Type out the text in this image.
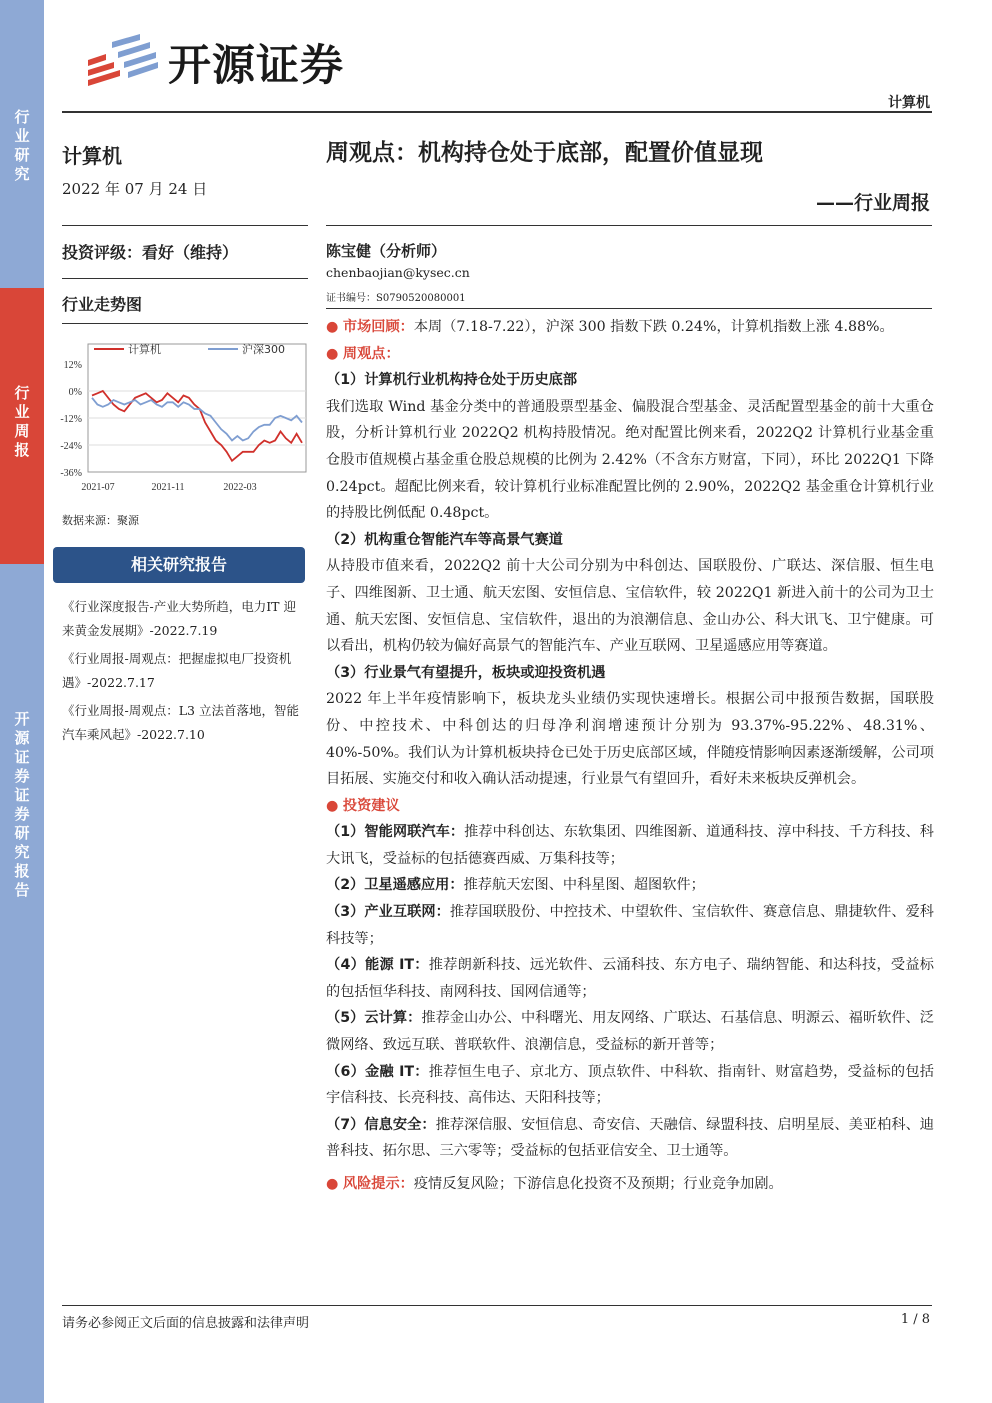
行业研究
行业周报
开源证券 证券研究报告
开源证券
计算机
计算机
2022 年 07 月 24 日
投资评级：看好（维持）
行业走势图
12%
0%
-12%
-24%
-36%
2021-07	2021-11	2022-03
计算机	沪深300
数据来源：聚源
相关研究报告
《行业深度报告-产业大势所趋，电力IT 迎来黄金发展期》-2022.7.19
《行业周报-周观点：把握虚拟电厂投资机遇》-2022.7.17
《行业周报-周观点：L3 立法首落地，智能汽车乘风起》-2022.7.10
周观点：机构持仓处于底部，配置价值显现
——行业周报
陈宝健（分析师）
chenbaojian@kysec.cn
证书编号：S0790520080001

● 市场回顾：本周（7.18-7.22），沪深 300 指数下跌 0.24%，计算机指数上涨 4.88%。

● 周观点：

（1）计算机行业机构持仓处于历史底部

我们选取 Wind 基金分类中的普通股票型基金、偏股混合型基金、灵活配置型基金的前十大重仓股，分析计算机行业 2022Q2 机构持股情况。绝对配置比例来看，2022Q2 计算机行业基金重仓股市值规模占基金重仓股总规模的比例为 2.42%（不含东方财富，下同），环比 2022Q1 下降 0.24pct。超配比例来看，较计算机行业标准配置比例的 2.90%，2022Q2 基金重仓计算机行业的持股比例低配 0.48pct。

（2）机构重仓智能汽车等高景气赛道

从持股市值来看，2022Q2 前十大公司分别为中科创达、国联股份、广联达、深信服、恒生电子、四维图新、卫士通、航天宏图、安恒信息、宝信软件，较 2022Q1 新进入前十的公司为卫士通、航天宏图、安恒信息、宝信软件，退出的为浪潮信息、金山办公、科大讯飞、卫宁健康。可以看出，机构仍较为偏好高景气的智能汽车、产业互联网、卫星遥感应用等赛道。

（3）行业景气有望提升，板块或迎投资机遇

2022 年上半年疫情影响下，板块龙头业绩仍实现快速增长。根据公司中报预告数据，国联股份、中控技术、中科创达的归母净利润增速预计分别为 93.37%-95.22%、48.31%、40%-50%。我们认为计算机板块持仓已处于历史底部区域，伴随疫情影响因素逐渐缓解，公司项目拓展、实施交付和收入确认活动提速，行业景气有望回升，看好未来板块反弹机会。

● 投资建议

（1）智能网联汽车：推荐中科创达、东软集团、四维图新、道通科技、淳中科技、千方科技、科大讯飞，受益标的包括德赛西威、万集科技等；

（2）卫星遥感应用：推荐航天宏图、中科星图、超图软件；

（3）产业互联网：推荐国联股份、中控技术、中望软件、宝信软件、赛意信息、鼎捷软件、爱科科技等；

（4）能源 IT：推荐朗新科技、远光软件、云涌科技、东方电子、瑞纳智能、和达科技，受益标的包括恒华科技、南网科技、国网信通等；

（5）云计算：推荐金山办公、中科曙光、用友网络、广联达、石基信息、明源云、福昕软件、泛微网络、致远互联、普联软件、浪潮信息，受益标的新开普等；

（6）金融 IT：推荐恒生电子、京北方、顶点软件、中科软、指南针、财富趋势，受益标的包括宇信科技、长亮科技、高伟达、天阳科技等；

（7）信息安全：推荐深信服、安恒信息、奇安信、天融信、绿盟科技、启明星辰、美亚柏科、迪普科技、拓尔思、三六零等；受益标的包括亚信安全、卫士通等。

● 风险提示：疫情反复风险；下游信息化投资不及预期；行业竞争加剧。

请务必参阅正文后面的信息披露和法律声明	1 / 8
